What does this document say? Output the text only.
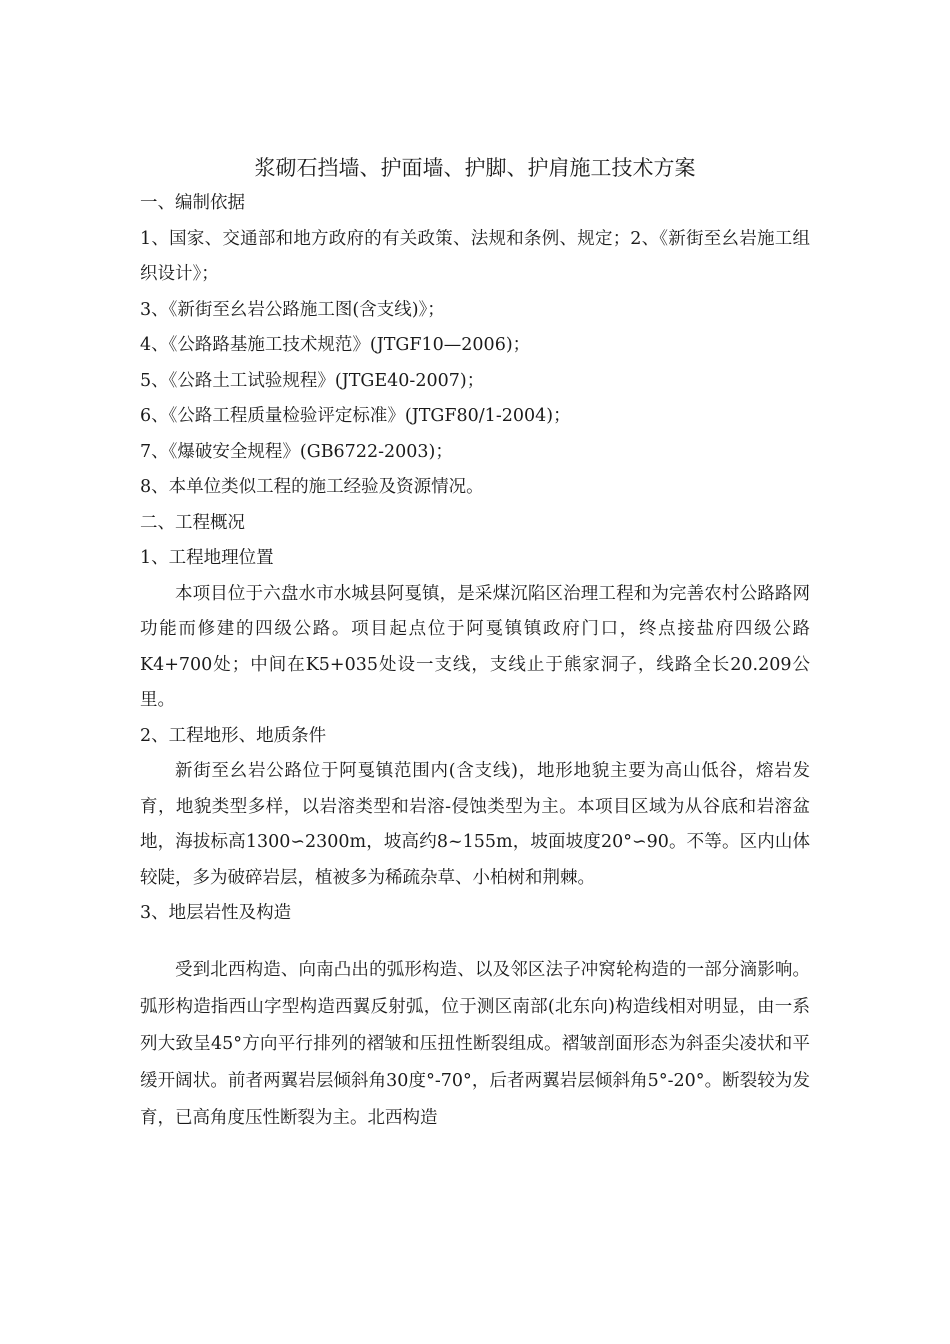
浆砌石挡墙、护面墙、护脚、护肩施工技术方案

一、编制依据

1、国家、交通部和地方政府的有关政策、法规和条例、规定；2、《新街至幺岩施工组织设计》；

3、《新街至幺岩公路施工图(含支线)》；

4、《公路路基施工技术规范》(JTGF10—2006)；

5、《公路土工试验规程》(JTGE40-2007)；

6、《公路工程质量检验评定标准》(JTGF80/1-2004)；

7、《爆破安全规程》(GB6722-2003)；

8、本单位类似工程的施工经验及资源情况。

二、工程概况

1、工程地理位置

本项目位于六盘水市水城县阿戛镇，是采煤沉陷区治理工程和为完善农村公路路网功能而修建的四级公路。项目起点位于阿戛镇镇政府门口，终点接盐府四级公路K4+700处；中间在K5+035处设一支线，支线止于熊家洞子，线路全长20.209公里。

2、工程地形、地质条件

新街至幺岩公路位于阿戛镇范围内(含支线)，地形地貌主要为高山低谷，熔岩发育，地貌类型多样，以岩溶类型和岩溶-侵蚀类型为主。本项目区域为从谷底和岩溶盆地，海拔标高1300∽2300m，坡高约8~155m，坡面坡度20°∽90。不等。区内山体较陡，多为破碎岩层，植被多为稀疏杂草、小柏树和荆棘。

3、地层岩性及构造

受到北西构造、向南凸出的弧形构造、以及邻区法子冲窝轮构造的一部分滴影响。弧形构造指西山字型构造西翼反射弧，位于测区南部(北东向)构造线相对明显，由一系列大致呈45°方向平行排列的褶皱和压扭性断裂组成。褶皱剖面形态为斜歪尖凌状和平缓开阔状。前者两翼岩层倾斜角30度°-70°，后者两翼岩层倾斜角5°-20°。断裂较为发育，已高角度压性断裂为主。北西构造
